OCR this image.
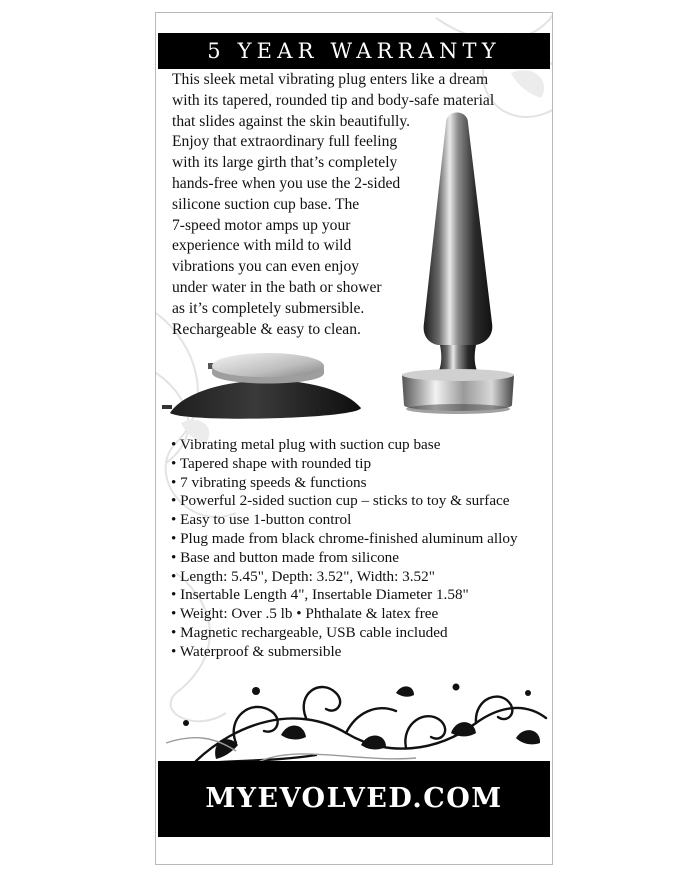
5 YEAR WARRANTY
This sleek metal vibrating plug enters like a dream
with its tapered, rounded tip and body-safe material
that slides against the skin beautifully.
Enjoy that extraordinary full feeling
with its large girth that’s completely
hands-free when you use the 2-sided
silicone suction cup base. The
7-speed motor amps up your
experience with mild to wild
vibrations you can even enjoy
under water in the bath or shower
as it’s completely submersible.
Rechargeable & easy to clean.
• Vibrating metal plug with suction cup base
• Tapered shape with rounded tip
• 7 vibrating speeds & functions
• Powerful 2-sided suction cup – sticks to toy & surface
• Easy to use 1-button control
• Plug made from black chrome-finished aluminum alloy
• Base and button made from silicone
• Length: 5.45", Depth: 3.52", Width: 3.52"
• Insertable Length 4", Insertable Diameter 1.58"
• Weight: Over .5 lb • Phthalate & latex free
• Magnetic rechargeable, USB cable included
• Waterproof & submersible
MYEVOLVED.COM
